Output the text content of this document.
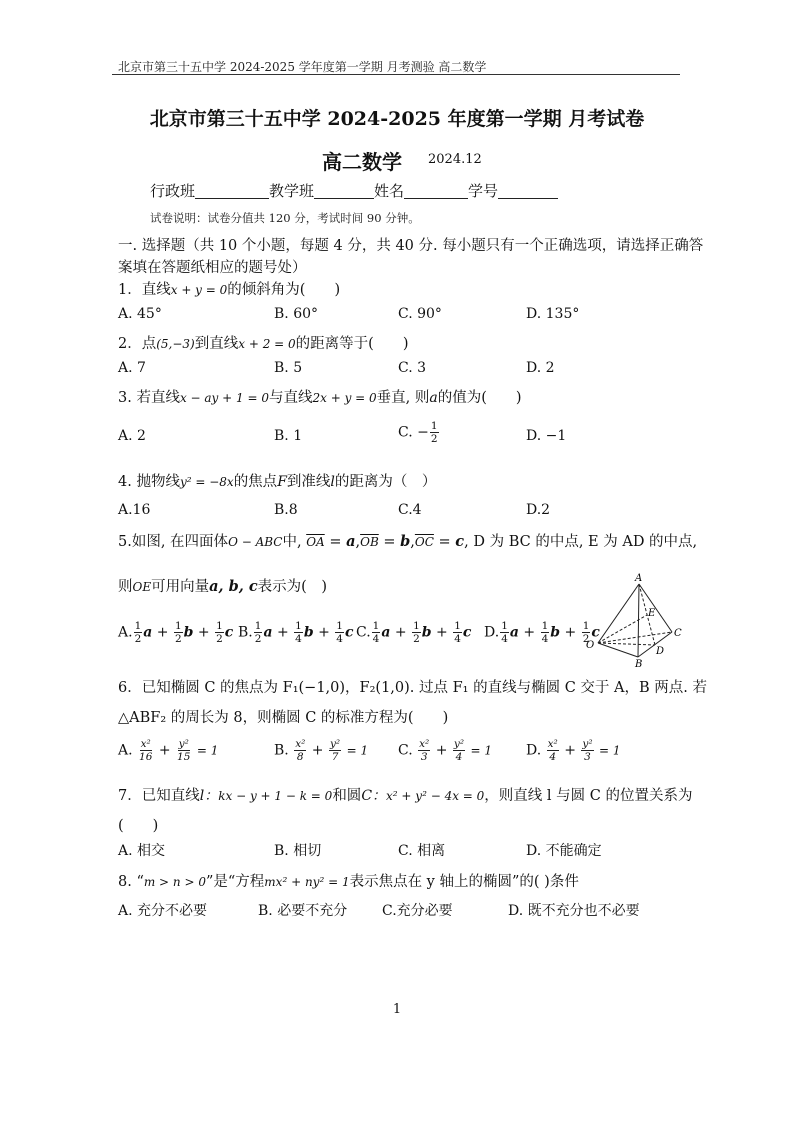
北京市第三十五中学 2024-2025 学年度第一学期 月考测验 高二数学
北京市第三十五中学 2024-2025 年度第一学期 月考试卷
高二数学 2024.12
行政班	教学班	姓名	学号
试卷说明：试卷分值共 120 分，考试时间 90 分钟。
一. 选择题（共 10 个小题，每题 4 分，共 40 分. 每小题只有一个正确选项，请选择正确答
案填在答题纸相应的题号处）
1．直线x + y = 0的倾斜角为(　　)
A. 45°	B. 60°	C. 90°	D. 135°
2．点(5,−3)到直线x + 2 = 0的距离等于(　　)
A. 7	B. 5	C. 3	D. 2
3. 若直线x − ay + 1 = 0与直线2x + y = 0垂直, 则a的值为(　　)
A. 2	B. 1	C. − $\frac{1}{2}$	D. −1
4. 抛物线y² = −8x的焦点F到准线l的距离为（　）
A.16	B.8	C.4	D.2
5.如图, 在四面体O − ABC中, $\overline{OA} = a,\overline{OB} = b,\overline{OC} = c$, D 为 BC 的中点, E 为 AD 的中点,
则OE可用向量a, b, c表示为(　)
A. $\frac{1}{2}$ $a + \frac{1}{2}$ $b + \frac{1}{2}$ c B. $\frac{1}{2}$ $a + \frac{1}{4}$ $b + \frac{1}{4}$ c C. $\frac{1}{4}$ $a + \frac{1}{2}$ $b + \frac{1}{4}$ c D. $\frac{1}{4}$ $a + \frac{1}{4}$ $b + \frac{1}{2}$ c
A
E
C
O
D
B
6．已知椭圆 C 的焦点为 F₁(−1,0)，F₂(1,0). 过点 F₁ 的直线与椭圆 C 交于 A，B 两点. 若
△ABF₂ 的周长为 8，则椭圆 C 的标准方程为(　　)
A. $\frac{\text{x²}}{16} + \frac{\text{y²}}{15} = 1$	B. $\frac{\text{x²}}{8} + \frac{\text{y²}}{7} = 1$ C. $\frac{\text{x²}}{3} + \frac{\text{y²}}{4} = 1$ D. $\frac{\text{x²}}{4} + \frac{\text{y²}}{3} = 1$
7．已知直线l：kx − y + 1 − k = 0和圆C：x² + y² − 4x = 0，则直线 l 与圆 C 的位置关系为
(　　)
A. 相交	B. 相切	C. 相离	D. 不能确定
8. “m > n > 0”是“方程mx² + ny² = 1表示焦点在 y 轴上的椭圆”的( )条件
A. 充分不必要	B. 必要不充分 C.充分必要	D. 既不充分也不必要
1
